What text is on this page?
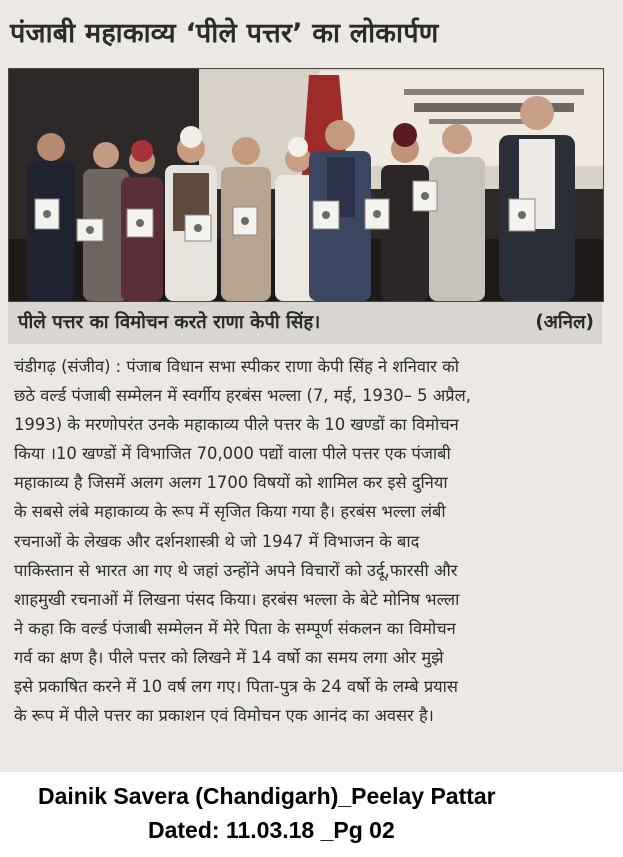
पंजाबी महाकाव्य ‘पीले पत्तर’ का लोकार्पण
पीले पत्तर का विमोचन करते राणा केपी सिंह।	(अनिल)
चंडीगढ़ (संजीव) : पंजाब विधान सभा स्पीकर राणा केपी सिंह ने शनिवार को
छठे वर्ल्ड पंजाबी सम्मेलन में स्वर्गीय हरबंस भल्ला (7, मई, 1930– 5 अप्रैल,
1993) के मरणोपरंत उनके महाकाव्य पीले पत्तर के 10 खण्डों का विमोचन
किया ।10 खण्डों में विभाजित 70,000 पद्यों वाला पीले पत्तर एक पंजाबी
महाकाव्य है जिसमें अलग अलग 1700 विषयों को शामिल कर इसे दुनिया
के सबसे लंबे महाकाव्य के रूप में सृजित किया गया है। हरबंस भल्ला लंबी
रचनाओं के लेखक और दर्शनशास्त्री थे जो 1947 में विभाजन के बाद
पाकिस्तान से भारत आ गए थे जहां उन्होंने अपने विचारों को उर्दू,फारसी और
शाहमुखी रचनाओं में लिखना पंसद किया। हरबंस भल्ला के बेटे मोनिष भल्ला
ने कहा कि वर्ल्ड पंजाबी सम्मेलन में मेरे पिता के सम्पूर्ण संकलन का विमोचन
गर्व का क्षण है। पीले पत्तर को लिखने में 14 वर्षो का समय लगा ओर मुझे
इसे प्रकाषित करने में 10 वर्ष लग गए। पिता-पुत्र के 24 वर्षो के लम्बे प्रयास
के रूप में पीले पत्तर का प्रकाशन एवं विमोचन एक आनंद का अवसर है।
Dainik Savera (Chandigarh)_Peelay Pattar
Dated: 11.03.18 _Pg 02
